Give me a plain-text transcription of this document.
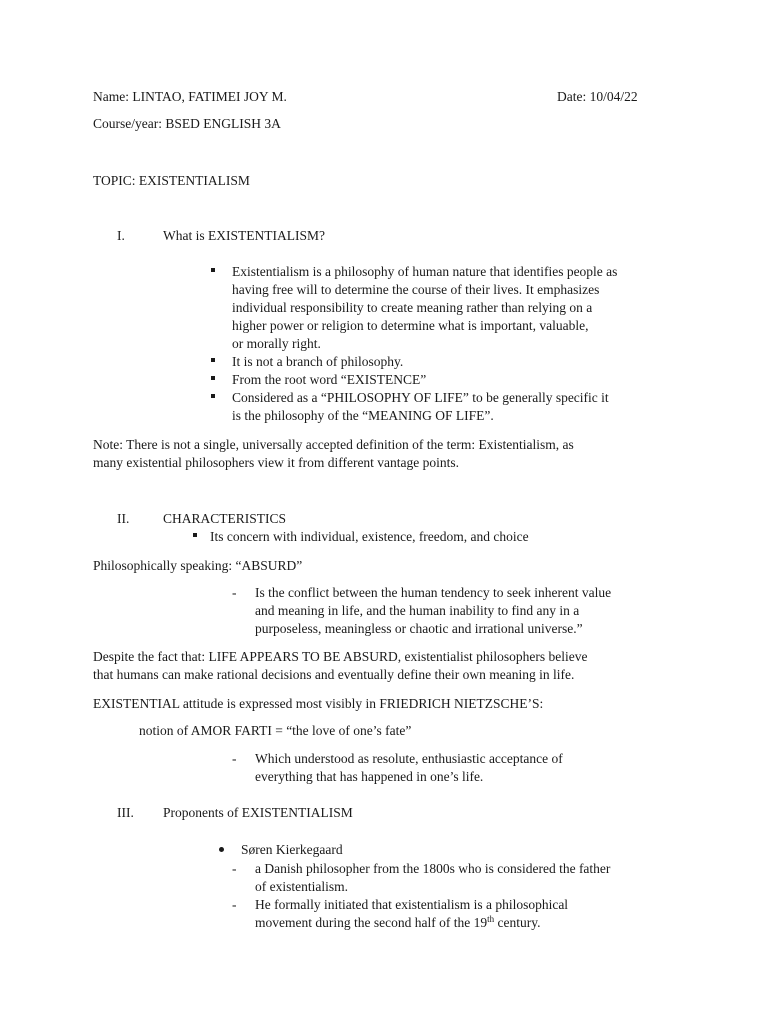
Name: LINTAO, FATIMEI JOY M.	Date: 10/04/22
Course/year: BSED ENGLISH 3A
TOPIC: EXISTENTIALISM
I.	What is EXISTENTIALISM?
Existentialism is a philosophy of human nature that identifies people as
having free will to determine the course of their lives. It emphasizes
individual responsibility to create meaning rather than relying on a
higher power or religion to determine what is important, valuable,
or morally right.
It is not a branch of philosophy.
From the root word “EXISTENCE”
Considered as a “PHILOSOPHY OF LIFE” to be generally specific it
is the philosophy of the “MEANING OF LIFE”.
Note: There is not a single, universally accepted definition of the term: Existentialism, as
many existential philosophers view it from different vantage points.
II. CHARACTERISTICS
Its concern with individual, existence, freedom, and choice
Philosophically speaking: “ABSURD”
- Is the conflict between the human tendency to seek inherent value
and meaning in life, and the human inability to find any in a
purposeless, meaningless or chaotic and irrational universe.”
Despite the fact that: LIFE APPEARS TO BE ABSURD, existentialist philosophers believe
that humans can make rational decisions and eventually define their own meaning in life.
EXISTENTIAL attitude is expressed most visibly in FRIEDRICH NIETZSCHE’S:
notion of AMOR FARTI = “the love of one’s fate”
- Which understood as resolute, enthusiastic acceptance of
everything that has happened in one’s life.
III. Proponents of EXISTENTIALISM
Søren Kierkegaard
- a Danish philosopher from the 1800s who is considered the father
of existentialism.
- He formally initiated that existentialism is a philosophical
movement during the second half of the 19th century.
